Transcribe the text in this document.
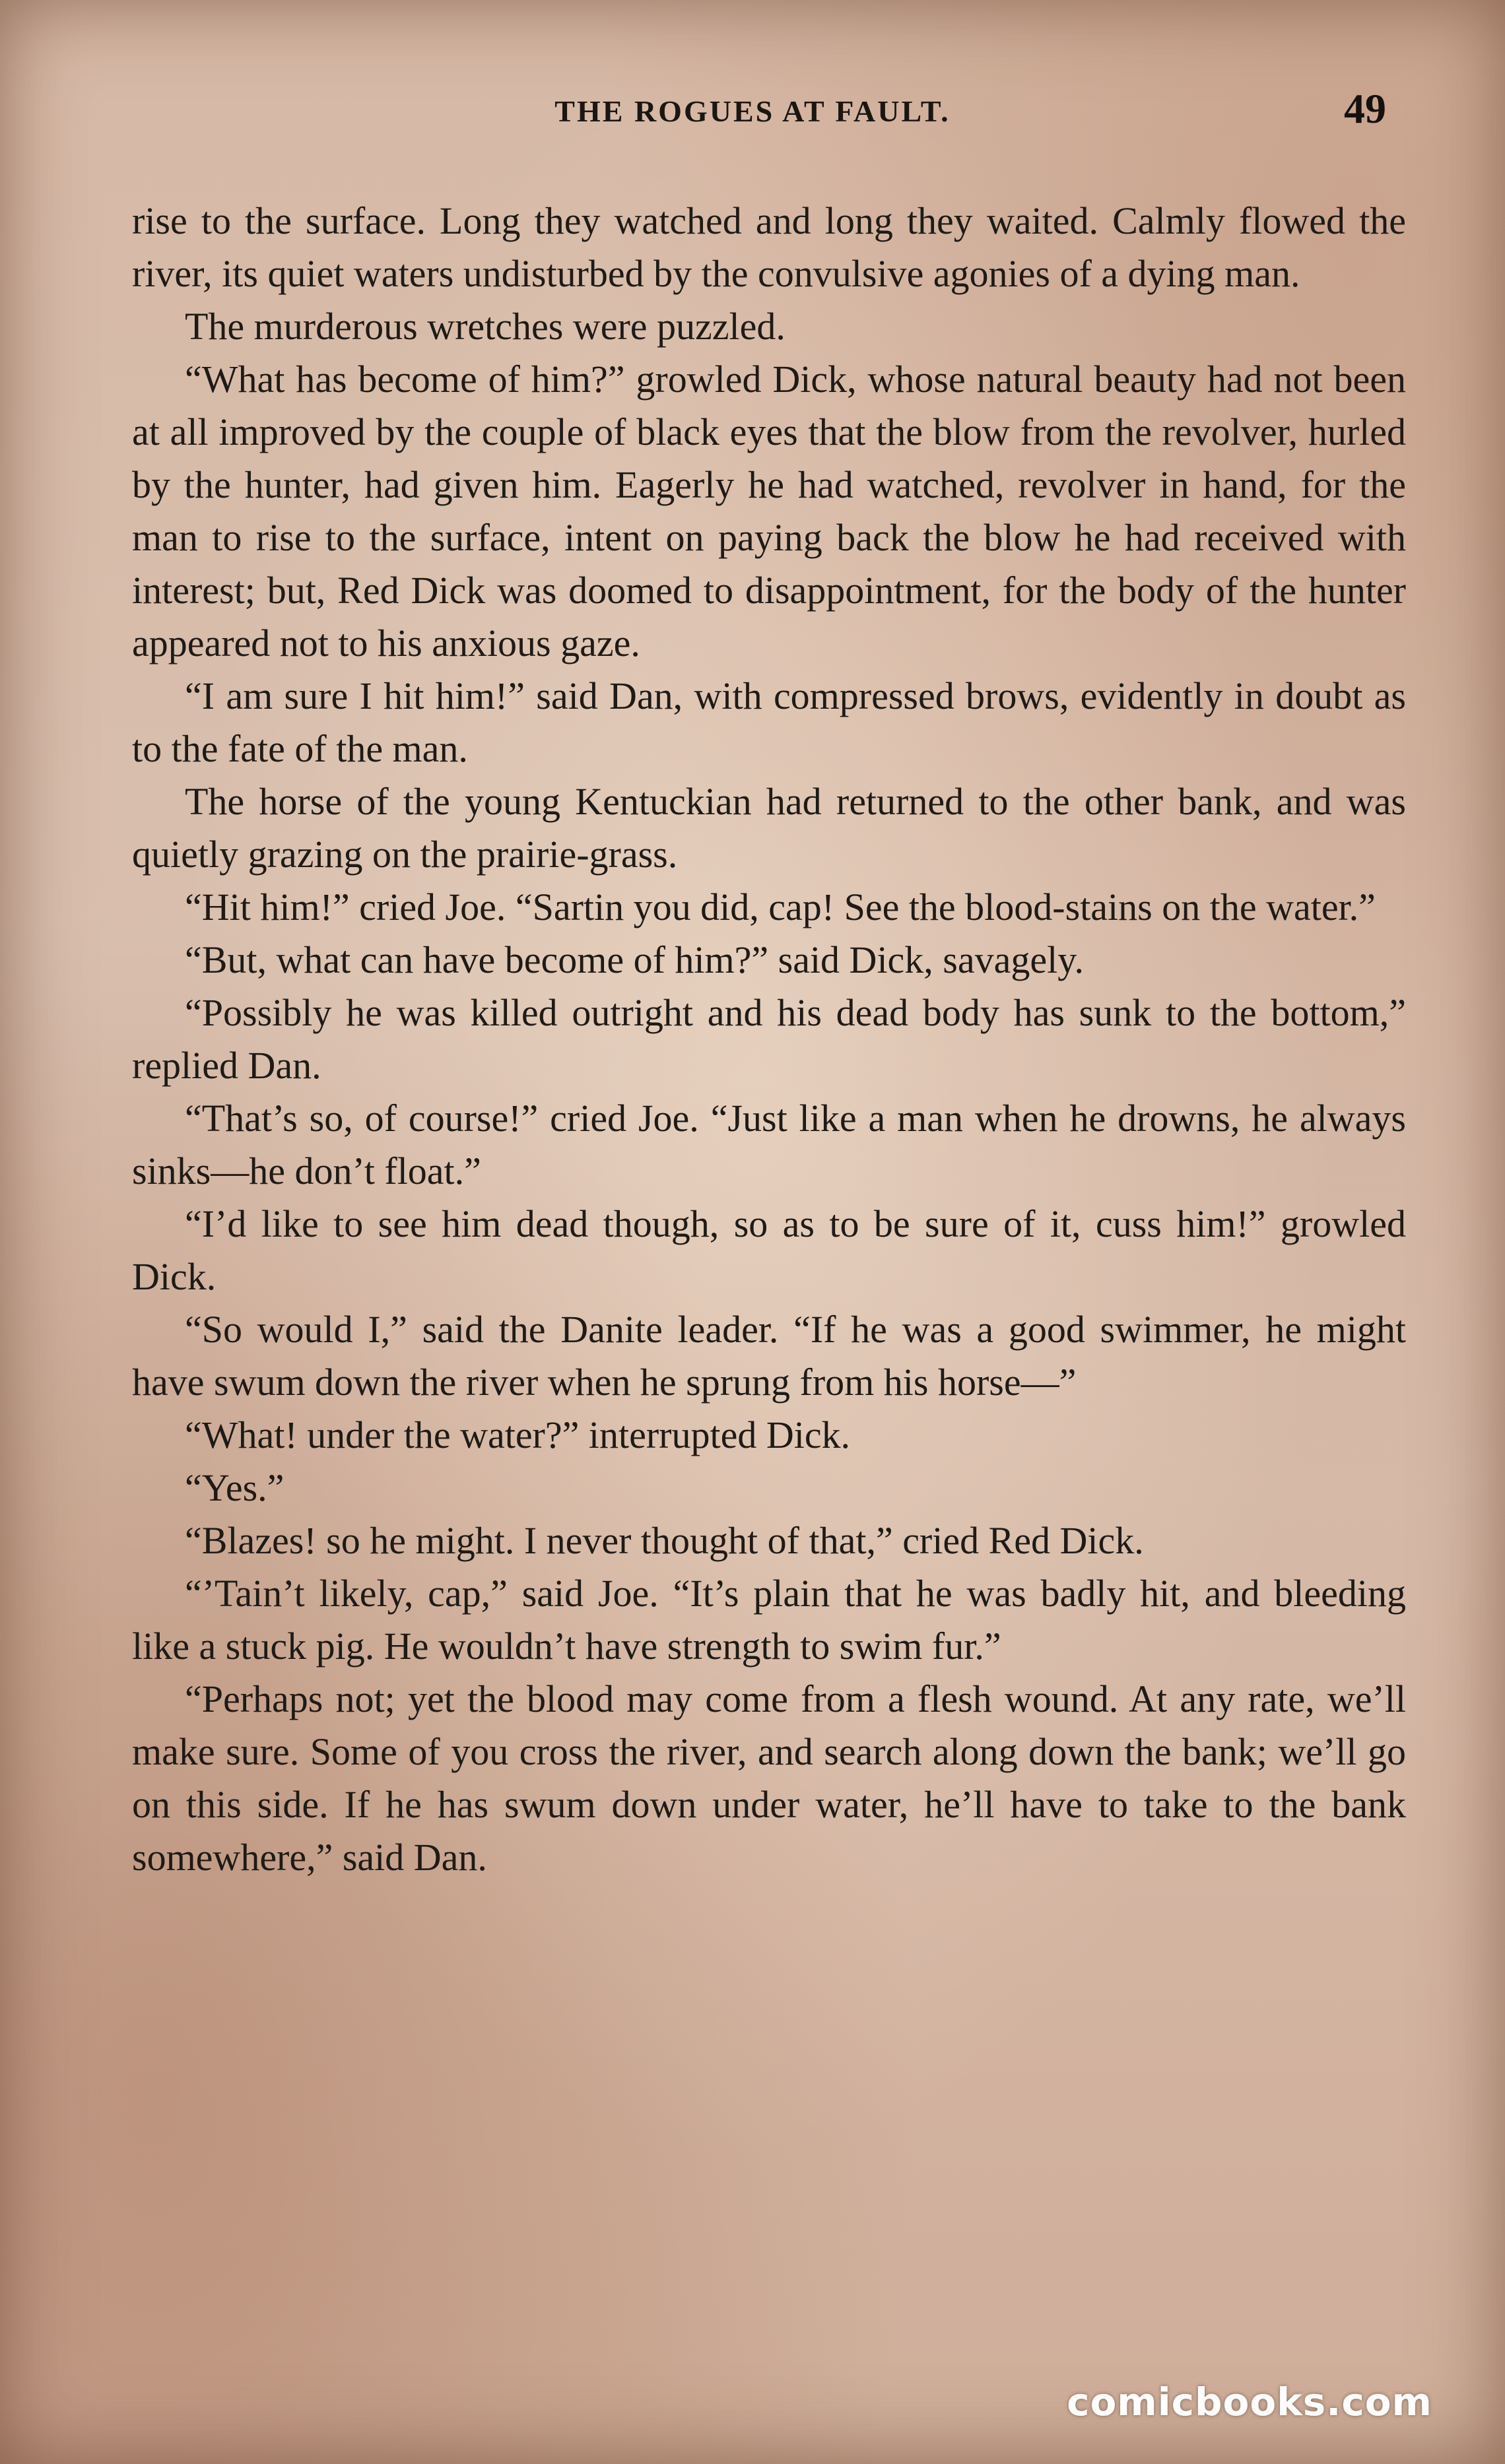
THE ROGUES AT FAULT.	49

rise to the surface. Long they watched and long they waited. Calmly flowed the river, its quiet waters undisturbed by the convulsive agonies of a dying man.

The murderous wretches were puzzled.

“What has become of him?” growled Dick, whose natural beauty had not been at all improved by the couple of black eyes that the blow from the revolver, hurled by the hunter, had given him. Eagerly he had watched, revolver in hand, for the man to rise to the surface, intent on paying back the blow he had received with interest; but, Red Dick was doomed to disappointment, for the body of the hunter appeared not to his anxious gaze.

“I am sure I hit him!” said Dan, with compressed brows, evidently in doubt as to the fate of the man.

The horse of the young Kentuckian had returned to the other bank, and was quietly grazing on the prairie-grass.

“Hit him!” cried Joe. “Sartin you did, cap! See the blood-stains on the water.”

“But, what can have become of him?” said Dick, savagely.

“Possibly he was killed outright and his dead body has sunk to the bottom,” replied Dan.

“That’s so, of course!” cried Joe. “Just like a man when he drowns, he always sinks—he don’t float.”

“I’d like to see him dead though, so as to be sure of it, cuss him!” growled Dick.

“So would I,” said the Danite leader. “If he was a good swimmer, he might have swum down the river when he sprung from his horse—”

“What! under the water?” interrupted Dick.

“Yes.”

“Blazes! so he might. I never thought of that,” cried Red Dick.

“’Tain’t likely, cap,” said Joe. “It’s plain that he was badly hit, and bleeding like a stuck pig. He wouldn’t have strength to swim fur.”

“Perhaps not; yet the blood may come from a flesh wound. At any rate, we’ll make sure. Some of you cross the river, and search along down the bank; we’ll go on this side. If he has swum down under water, he’ll have to take to the bank somewhere,” said Dan.

comicbooks.com
